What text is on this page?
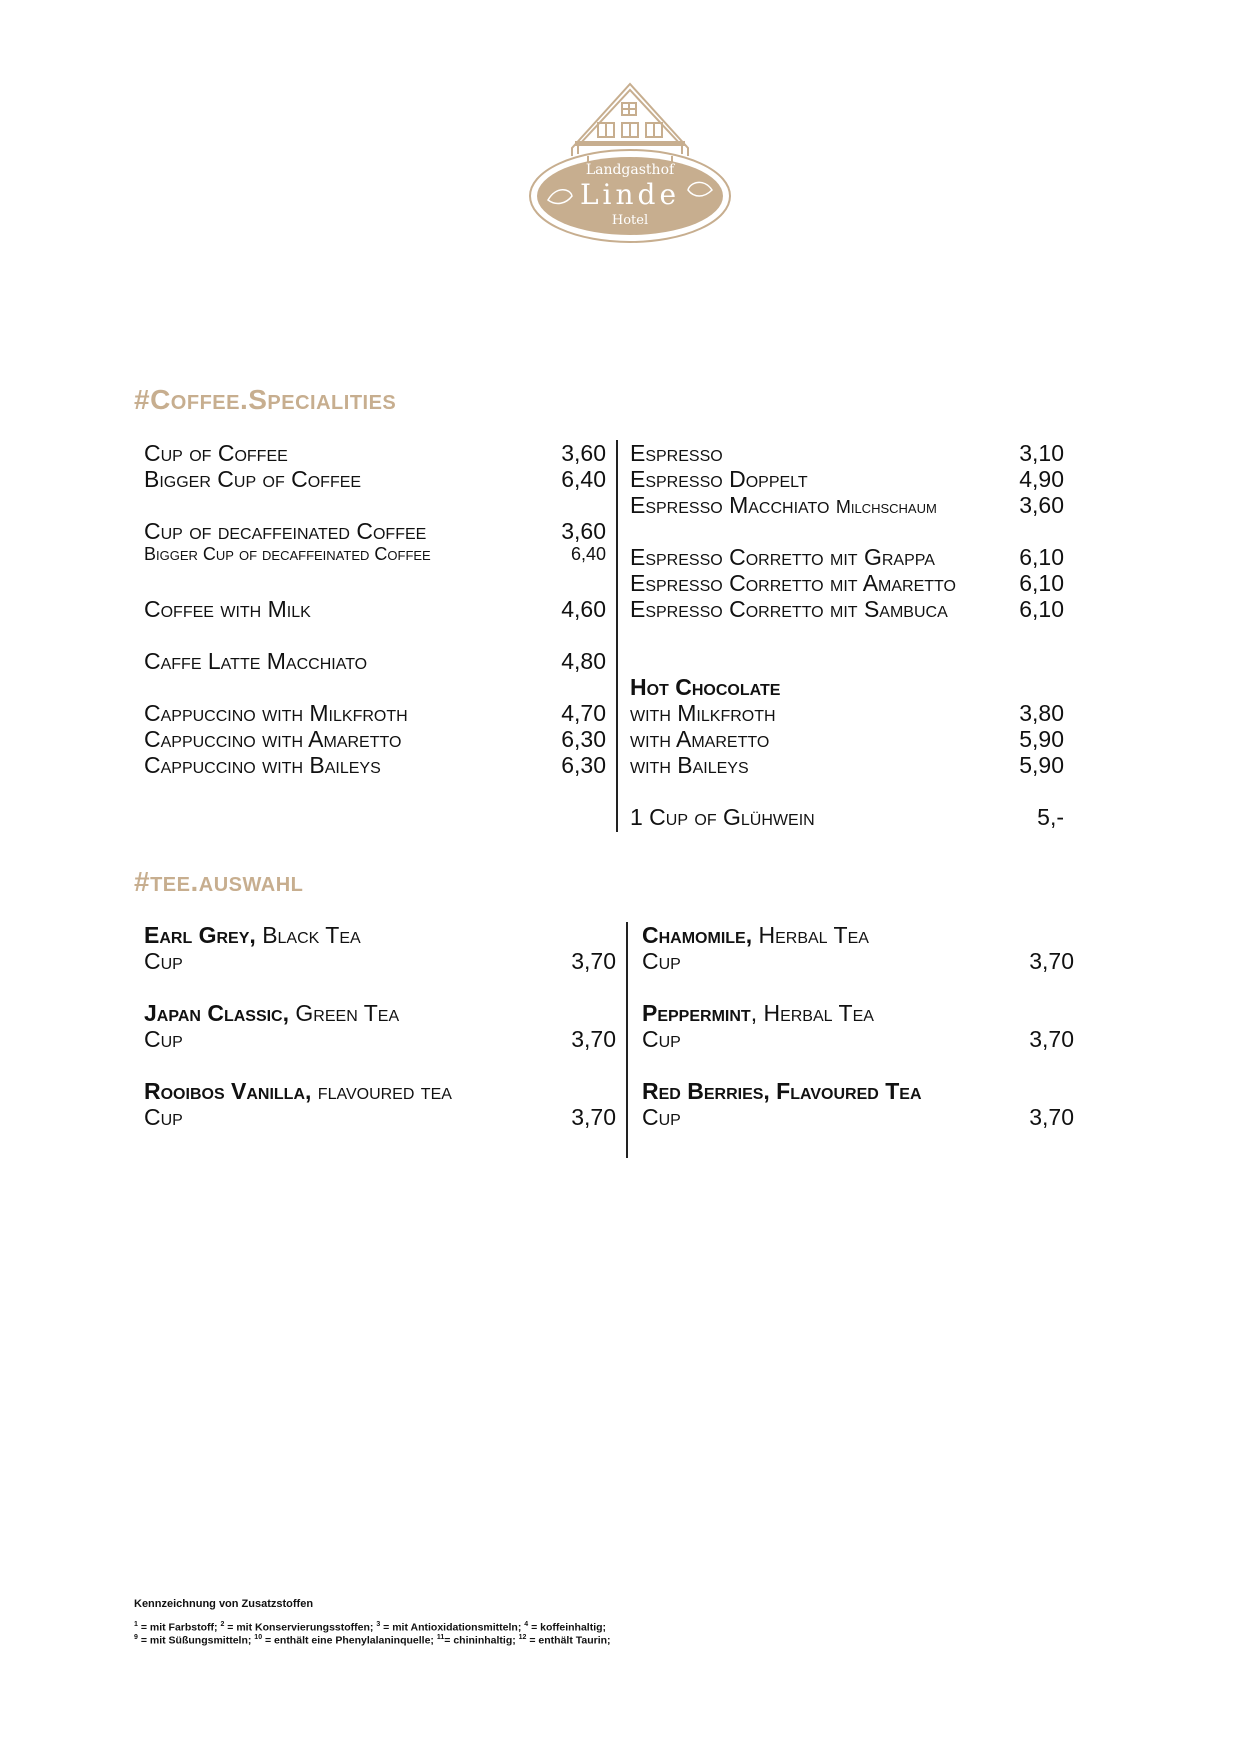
Landgasthof
Linde
Hotel
#Coffee.Specialities
Cup of Coffee	3,60
Bigger Cup of Coffee	6,40
Cup of decaffeinated Coffee	3,60
Bigger Cup of decaffeinated Coffee	6,40
Coffee with Milk	4,60
Caffe Latte Macchiato	4,80
Cappuccino with Milkfroth	4,70
Cappuccino with Amaretto	6,30
Cappuccino with Baileys	6,30
Espresso	3,10
Espresso Doppelt	4,90
Espresso Macchiato Milchschaum	3,60
Espresso Corretto mit Grappa	6,10
Espresso Corretto mit Amaretto	6,10
Espresso Corretto mit Sambuca	6,10
Hot Chocolate
with Milkfroth	3,80
with Amaretto	5,90
with Baileys	5,90
1 Cup of Glühwein	5,-
#tee.auswahl
Earl Grey, Black Tea
Cup	3,70
Japan Classic, Green Tea
Cup	3,70
Rooibos Vanilla, flavoured tea
Cup	3,70
Chamomile, Herbal Tea
Cup	3,70
Peppermint, Herbal Tea
Cup	3,70
Red Berries, Flavoured Tea
Cup	3,70
Kennzeichnung von Zusatzstoffen
$^1$ = mit Farbstoff; $^2$ = mit Konservierungsstoffen; $^3$ = mit Antioxidationsmitteln; $^4$ = koffeinhaltig;
$^9$ = mit Süßungsmitteln; $^{10}$ = enthält eine Phenylalaninquelle; $^{11}$= chininhaltig; $^{12}$ = enthält Taurin;
